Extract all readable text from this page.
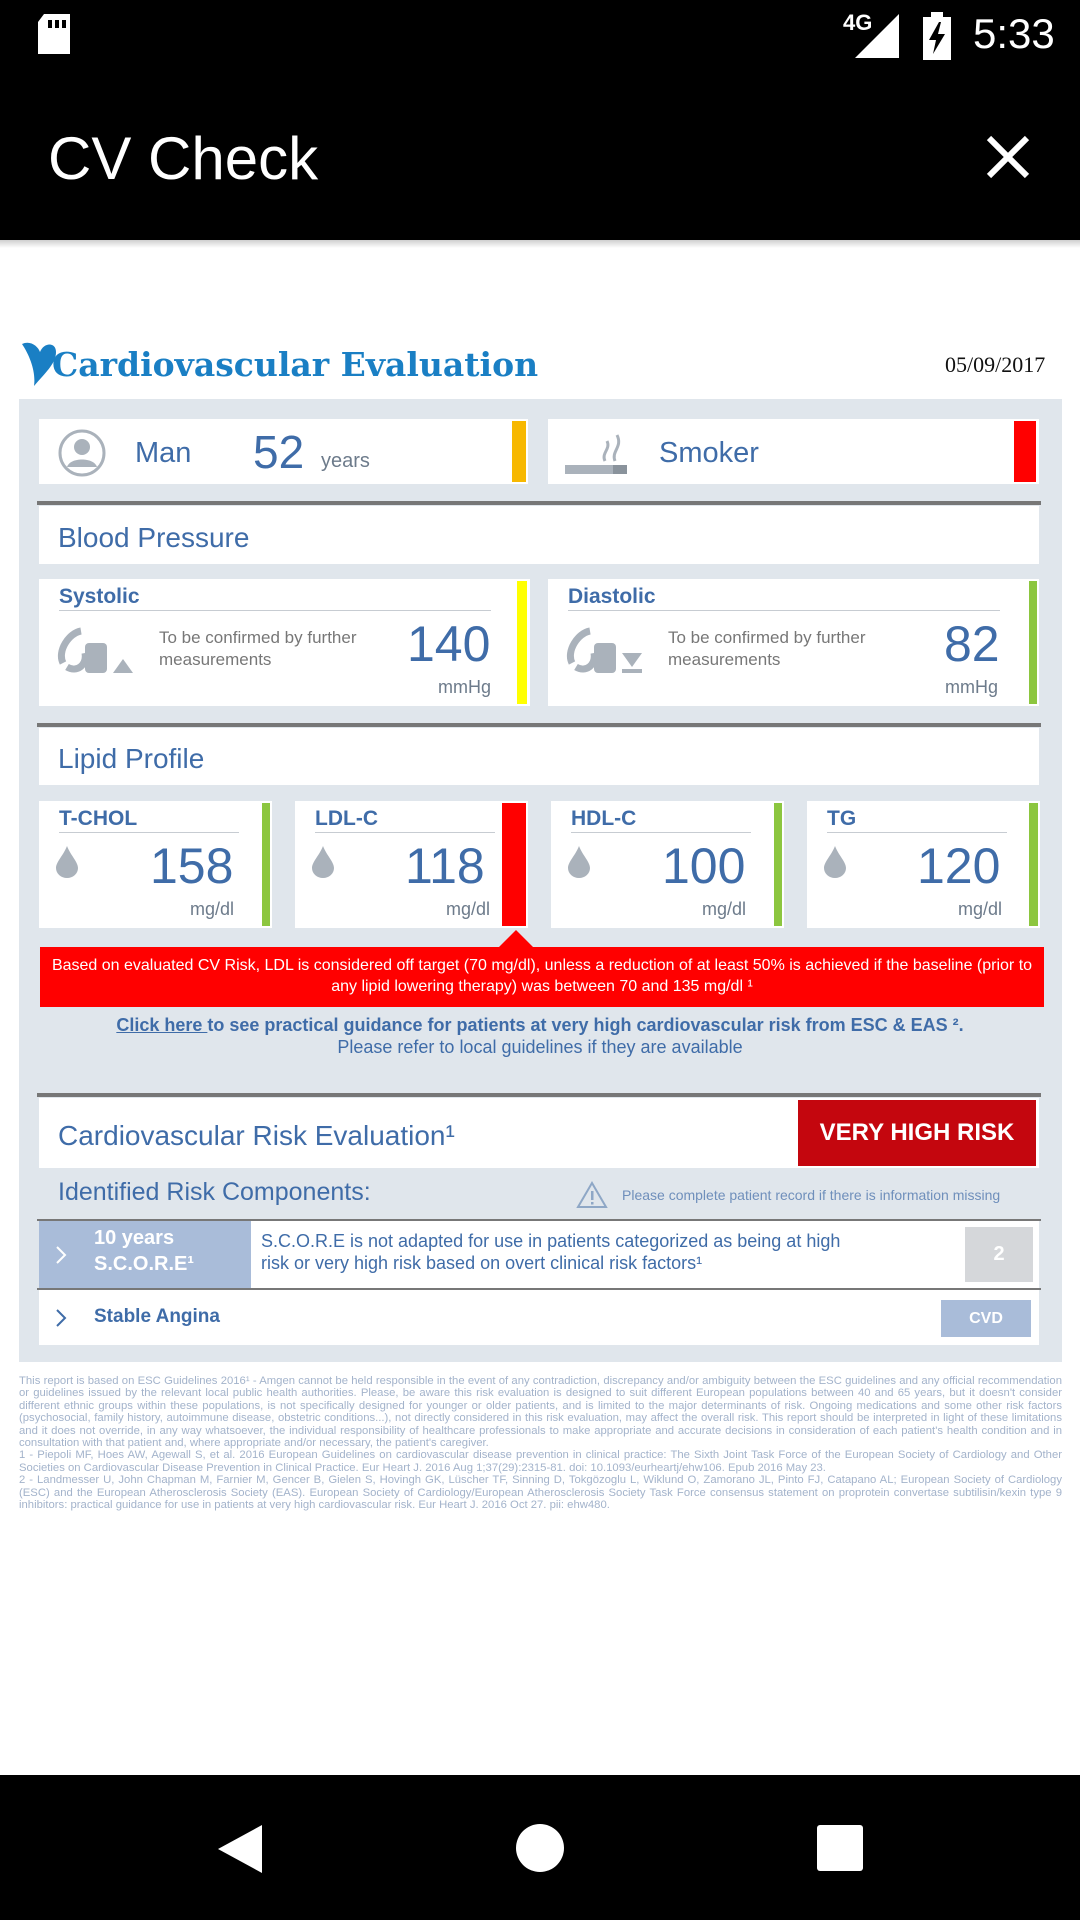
4G 5:33
CV Check
Cardiovascular Evaluation	05/09/2017
Man 52 years	Smoker
Blood Pressure
Systolic
To be confirmed by further measurements	140
mmHg
Diastolic
To be confirmed by further measurements	82
mmHg
Lipid Profile
T-CHOL
158
mg/dl
LDL-C
118
mg/dl
HDL-C
100
mg/dl
TG
120
mg/dl
Based on evaluated CV Risk, LDL is considered off target (70 mg/dl), unless a reduction of at least 50% is achieved if the baseline (prior to any lipid lowering therapy) was between 70 and 135 mg/dl ¹
Click here to see practical guidance for patients at very high cardiovascular risk from ESC & EAS ².
Please refer to local guidelines if they are available
Cardiovascular Risk Evaluation¹	VERY HIGH RISK
Identified Risk Components:	Please complete patient record if there is information missing
10 years
S.C.O.R.E¹
S.C.O.R.E is not adapted for use in patients categorized as being at high risk or very high risk based on overt clinical risk factors¹	2
Stable Angina	CVD
This report is based on ESC Guidelines 2016¹ - Amgen cannot be held responsible in the event of any contradiction, discrepancy and/or ambiguity between the ESC guidelines and any official recommendation or guidelines issued by the relevant local public health authorities. Please, be aware this risk evaluation is designed to suit different European populations between 40 and 65 years, but it doesn't consider different ethnic groups within these populations, is not specifically designed for younger or older patients, and is limited to the major determinants of risk. Ongoing medications and some other risk factors (psychosocial, family history, autoimmune disease, obstetric conditions...), not directly considered in this risk evaluation, may affect the overall risk. This report should be interpreted in light of these limitations and it does not override, in any way whatsoever, the individual responsibility of healthcare professionals to make appropriate and accurate decisions in consideration of each patient's health condition and in consultation with that patient and, where appropriate and/or necessary, the patient's caregiver.
1 - Piepoli MF, Hoes AW, Agewall S, et al. 2016 European Guidelines on cardiovascular disease prevention in clinical practice: The Sixth Joint Task Force of the European Society of Cardiology and Other Societies on Cardiovascular Disease Prevention in Clinical Practice. Eur Heart J. 2016 Aug 1;37(29):2315-81. doi: 10.1093/eurheartj/ehw106. Epub 2016 May 23.
2 - Landmesser U, John Chapman M, Farnier M, Gencer B, Gielen S, Hovingh GK, Lüscher TF, Sinning D, Tokgözoglu L, Wiklund O, Zamorano JL, Pinto FJ, Catapano AL; European Society of Cardiology (ESC) and the European Atherosclerosis Society (EAS). European Society of Cardiology/European Atherosclerosis Society Task Force consensus statement on proprotein convertase subtilisin/kexin type 9 inhibitors: practical guidance for use in patients at very high cardiovascular risk. Eur Heart J. 2016 Oct 27. pii: ehw480.
